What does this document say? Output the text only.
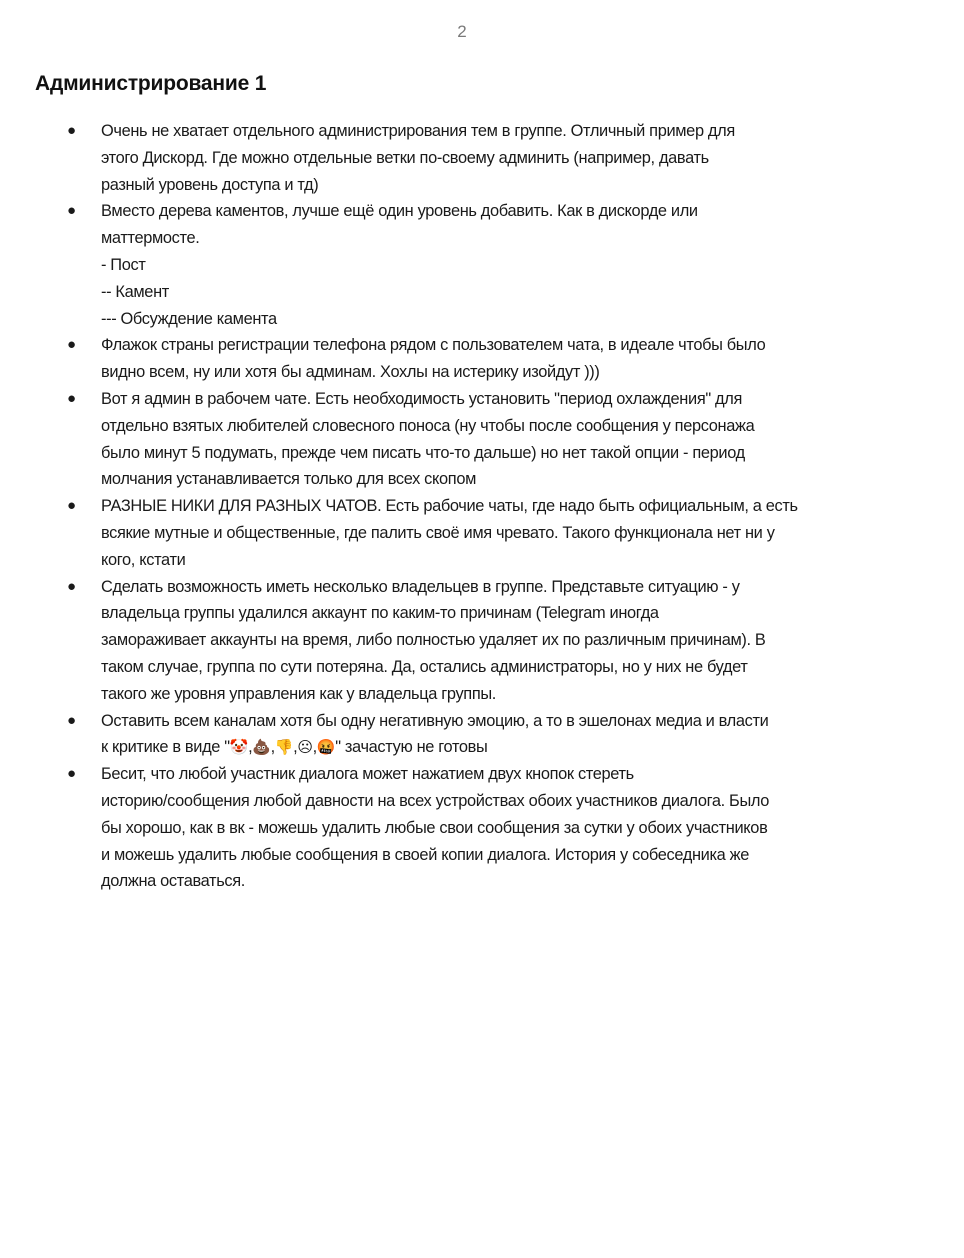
2
Администрирование 1
● Очень не хватает отдельного администрирования тем в группе. Отличный пример для
этого Дискорд. Где можно отдельные ветки по-своему админить (например, давать
разный уровень доступа и тд)
● Вместо дерева каментов, лучше ещё один уровень добавить. Как в дискорде или
маттермосте.
- Пост
-- Камент
--- Обсуждение камента
● Флажок страны регистрации телефона рядом с пользователем чата, в идеале чтобы было
видно всем, ну или хотя бы админам. Хохлы на истерику изойдут )))
● Вот я админ в рабочем чате. Есть необходимость установить "период охлаждения" для
отдельно взятых любителей словесного поноса (ну чтобы после сообщения у персонажа
было минут 5 подумать, прежде чем писать что-то дальше) но нет такой опции - период
молчания устанавливается только для всех скопом
● РАЗНЫЕ НИКИ ДЛЯ РАЗНЫХ ЧАТОВ. Есть рабочие чаты, где надо быть официальным, а есть
всякие мутные и общественные, где палить своё имя чревато. Такого функционала нет ни у
кого, кстати
● Сделать возможность иметь несколько владельцев в группе. Представьте ситуацию - у
владельца группы удалился аккаунт по каким-то причинам (Telegram иногда
замораживает аккаунты на время, либо полностью удаляет их по различным причинам). В
таком случае, группа по сути потеряна. Да, остались администраторы, но у них не будет
такого же уровня управления как у владельца группы.
● Оставить всем каналам хотя бы одну негативную эмоцию, а то в эшелонах медиа и власти
к критике в виде "🤡,💩,👎,☹,🤬" зачастую не готовы
● Бесит, что любой участник диалога может нажатием двух кнопок стереть
историю/сообщения любой давности на всех устройствах обоих участников диалога. Было
бы хорошо, как в вк - можешь удалить любые свои сообщения за сутки у обоих участников
и можешь удалить любые сообщения в своей копии диалога. История у собеседника же
должна оставаться.
